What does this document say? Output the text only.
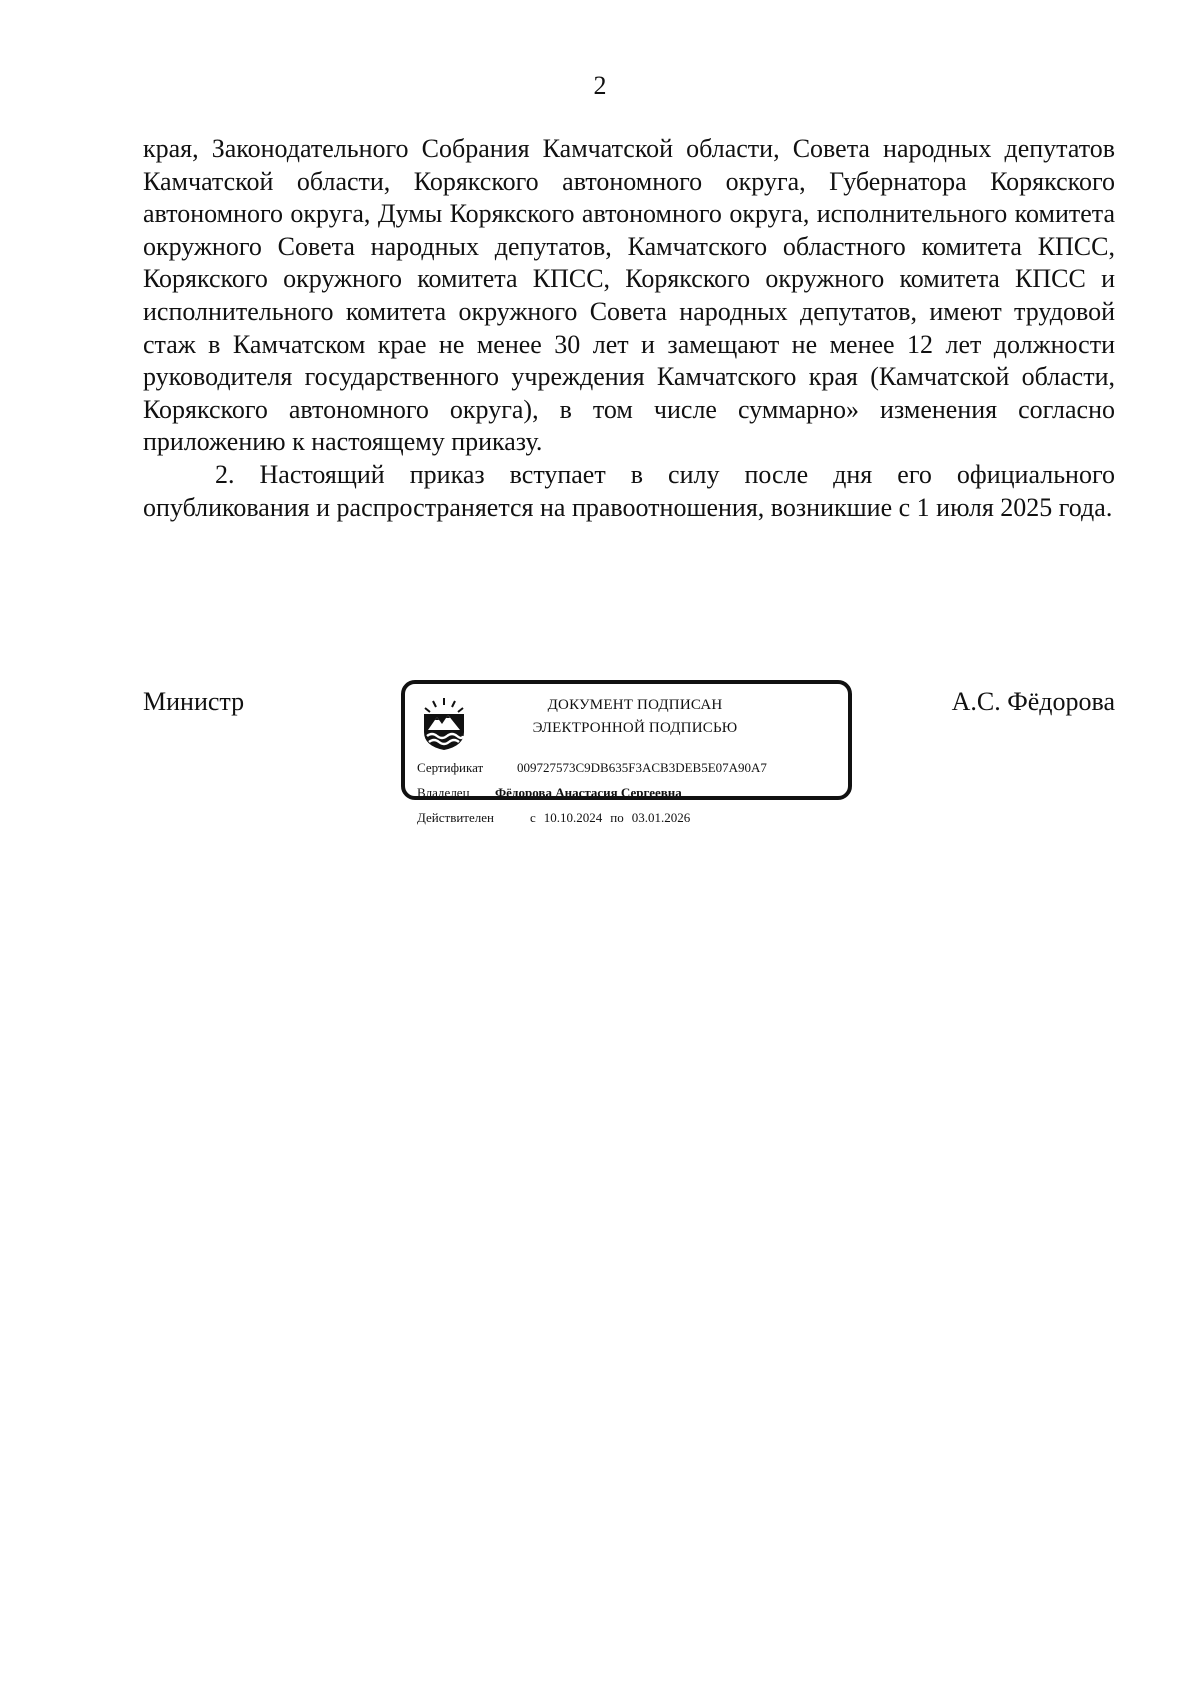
2

края, Законодательного Собрания Камчатской области, Совета народных депутатов Камчатской области, Корякского автономного округа, Губернатора Корякского автономного округа, Думы Корякского автономного округа, исполнительного комитета окружного Совета народных депутатов, Камчатского областного комитета КПСС, Корякского окружного комитета КПСС, Корякского окружного комитета КПСС и исполнительного комитета окружного Совета народных депутатов, имеют трудовой стаж в Камчатском крае не менее 30 лет и замещают не менее 12 лет должности руководителя государственного учреждения Камчатского края (Камчатской области, Корякского автономного округа), в том числе суммарно» изменения согласно приложению к настоящему приказу.

2. Настоящий приказ вступает в силу после дня его официального опубликования и распространяется на правоотношения, возникшие с 1 июля 2025 года.

Министр	ДОКУМЕНТ ПОДПИСАН
ЭЛЕКТРОННОЙ ПОДПИСЬЮ
Сертификат	009727573C9DB635F3ACB3DEB5E07A90A7
Владелец Фёдорова Анастасия Сергеевна
Действителен	с 10.10.2024 по 03.01.2026
А.С. Фёдорова
